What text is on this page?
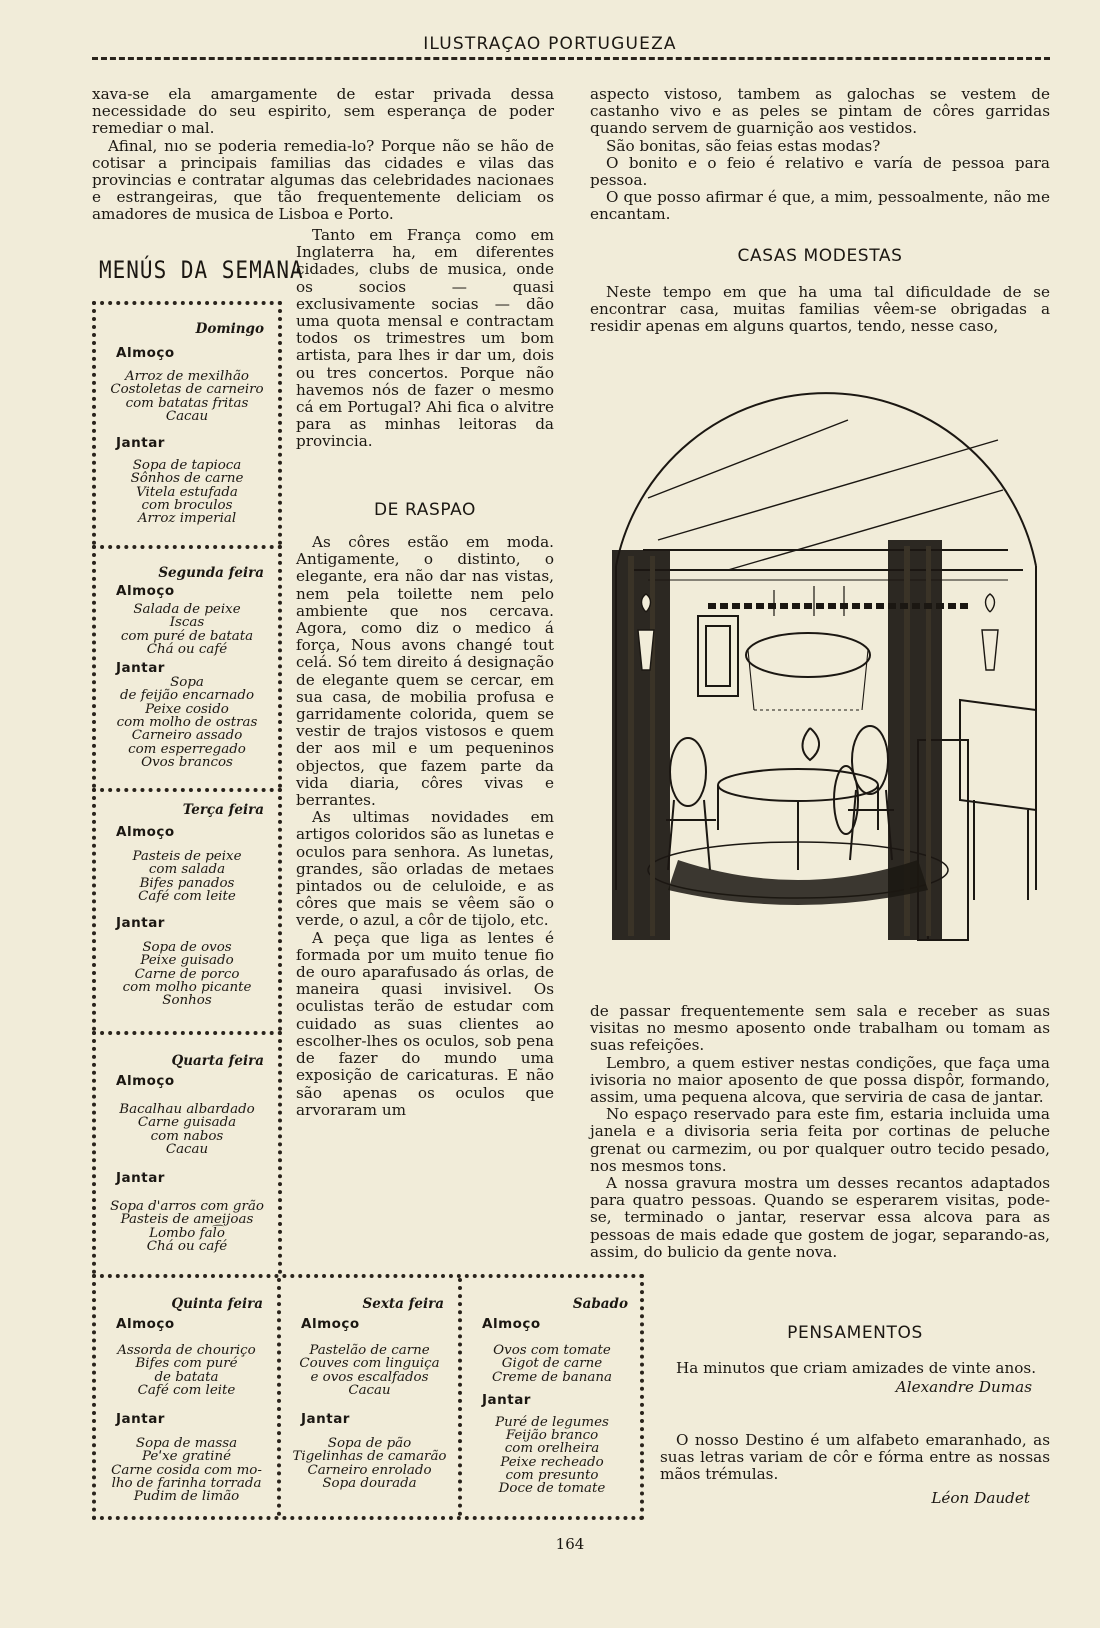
ILUSTRAÇAO PORTUGUEZA

xava-se ela amargamente de estar privada dessa necessidade do seu espirito, sem esperança de poder remediar o mal.

Afinal, nıo se poderia remedia-lo? Porque não se hão de cotisar a principais familias das cidades e vilas das provincias e contratar algumas das celebridades nacionaes e estrangeiras, que tão frequentemente deliciam os amadores de musica de Lisboa e Porto.

MENÚS DA SEMANA
Domingo
Almoço
Arroz de mexilhão
Costoletas de carneiro
com batatas fritas
Cacau
Jantar
Sopa de tapioca
Sônhos de carne
Vitela estufada
com broculos
Arroz imperial
Segunda feira
Almoço
Salada de peixe
Iscas
com puré de batata
Chá ou café
Jantar
Sopa
de feijão encarnado
Peixe cosido
com molho de ostras
Carneiro assado
com esperregado
Ovos brancos
Terça feira
Almoço
Pasteis de peixe
com salada
Bifes panados
Café com leite
Jantar
Sopa de ovos
Peixe guisado
Carne de porco
com molho picante
Sonhos
Quarta feira
Almoço
Bacalhau albardado
Carne guisada
com nabos
Cacau
Jantar
Sopa d'arros com grão
Pasteis de ameijoas
Lombo fal͡o
Chá ou café
Quinta feira
Almoço
Assorda de chouriço
Bifes com puré
de batata
Café com leite
Jantar
Sopa de massa
Peˈxe gratiné
Carne cosida com mo-
lho de farinha torrada
Pudim de limão
Sexta feira
Almoço
Pastelão de carne
Couves com linguiça
e ovos escalfados
Cacau
Jantar
Sopa de pão
Tigelinhas de camarão
Carneiro enrolado
Sopa dourada
Sabado
Almoço
Ovos com tomate
Gigot de carne
Creme de banana
Jantar
Puré de legumes
Feijão branco
com orelheira
Peixe recheado
com presunto
Doce de tomate

Tanto em França como em Inglaterra ha, em diferentes cidades, clubs de musica, onde os socios — quasi exclusivamente socias — dão uma quota mensal e contractam todos os trimestres um bom artista, para lhes ir dar um, dois ou tres concertos. Porque não havemos nós de fazer o mesmo cá em Portugal? Ahi fica o alvitre para as minhas leitoras da provincia.

DE RASPAO

As côres estão em moda. Antigamente, o distinto, o elegante, era não dar nas vistas, nem pela toilette nem pelo ambiente que nos cercava. Agora, como diz o medico á força, Nous avons changé tout celá. Só tem direito á designação de elegante quem se cercar, em sua casa, de mobilia profusa e garridamente colorida, quem se vestir de trajos vistosos e quem der aos mil e um pequeninos objectos, que fazem parte da vida diaria, côres vivas e berrantes.

As ultimas novidades em artigos coloridos são as lunetas e oculos para senhora. As lunetas, grandes, são orladas de metaes pintados ou de celuloide, e as côres que mais se vêem são o verde, o azul, a côr de tijolo, etc.

A peça que liga as lentes é formada por um muito tenue fio de ouro aparafusado ás orlas, de maneira quasi invisivel. Os oculistas terão de estudar com cuidado as suas clientes ao escolher-lhes os oculos, sob pena de fazer do mundo uma exposição de caricaturas. E não são apenas os oculos que arvoraram um

aspecto vistoso, tambem as galochas se vestem de castanho vivo e as peles se pintam de côres garridas quando servem de guarnição aos vestidos.

São bonitas, são feias estas modas?

O bonito e o feio é relativo e varía de pessoa para pessoa.

O que posso afirmar é que, a mim, pessoalmente, não me encantam.

CASAS MODESTAS

Neste tempo em que ha uma tal dificuldade de se encontrar casa, muitas familias vêem-se obrigadas a residir apenas em alguns quartos, tendo, nesse caso,

de passar frequentemente sem sala e receber as suas visitas no mesmo aposento onde trabalham ou tomam as suas refeições.

Lembro, a quem estiver nestas condições, que faça uma ivisoria no maior aposento de que possa dispôr, formando, assim, uma pequena alcova, que serviria de casa de jantar.

No espaço reservado para este fim, estaria incluida uma janela e a divisoria seria feita por cortinas de peluche grenat ou carmezim, ou por qualquer outro tecido pesado, nos mesmos tons.

A nossa gravura mostra um desses recantos adaptados para quatro pessoas. Quando se esperarem visitas, pode-se, terminado o jantar, reservar essa alcova para as pessoas de mais edade que gostem de jogar, separando-as, assim, do bulicio da gente nova.

PENSAMENTOS

Ha minutos que criam amizades de vinte anos.

Alexandre Dumas

O nosso Destino é um alfabeto emaranhado, as suas letras variam de côr e fórma entre as nossas mãos trémulas.

Léon Daudet
164
